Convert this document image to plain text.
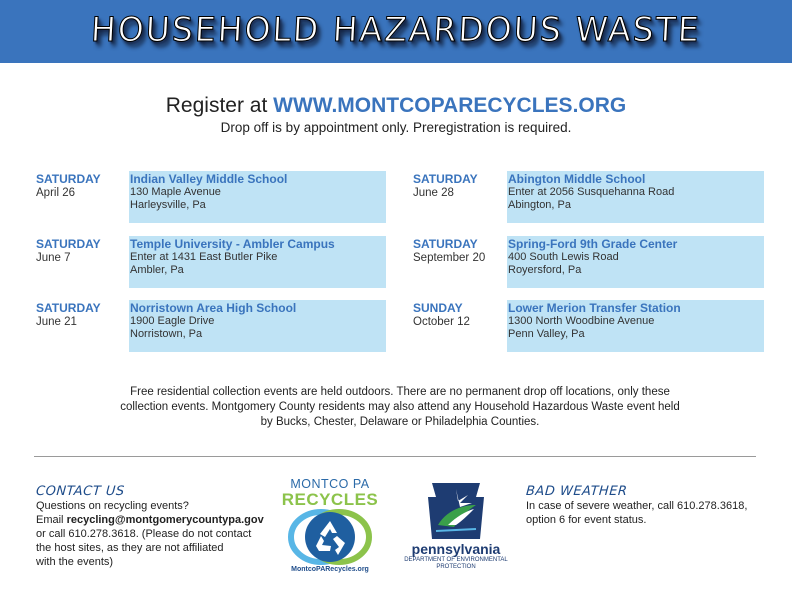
HOUSEHOLD HAZARDOUS WASTE
Register at WWW.MONTCOPARECYCLES.ORG
Drop off is by appointment only. Preregistration is required.
SATURDAY
April 26
Indian Valley Middle School
130 Maple Avenue
Harleysville, Pa
SATURDAY
June 7
Temple University - Ambler Campus
Enter at 1431 East Butler Pike
Ambler, Pa
SATURDAY
June 21
Norristown Area High School
1900 Eagle Drive
Norristown, Pa
SATURDAY
June 28
Abington Middle School
Enter at 2056 Susquehanna Road
Abington, Pa
SATURDAY
September 20
Spring-Ford 9th Grade Center
400 South Lewis Road
Royersford, Pa
SUNDAY
October 12
Lower Merion Transfer Station
1300 North Woodbine Avenue
Penn Valley, Pa
Free residential collection events are held outdoors. There are no permanent drop off locations, only these
collection events. Montgomery County residents may also attend any Household Hazardous Waste event held
by Bucks, Chester, Delaware or Philadelphia Counties.
CONTACT US

Questions on recycling events?

Email recycling@montgomerycountypa.gov

or call 610.278.3618. (Please do not contact

the host sites, as they are not affiliated

with the events)

MONTCO PA
RECYCLES
MontcoPARecycles.org
pennsylvania
DEPARTMENT OF ENVIRONMENTAL
PROTECTION
BAD WEATHER

In case of severe weather, call 610.278.3618,

option 6 for event status.
